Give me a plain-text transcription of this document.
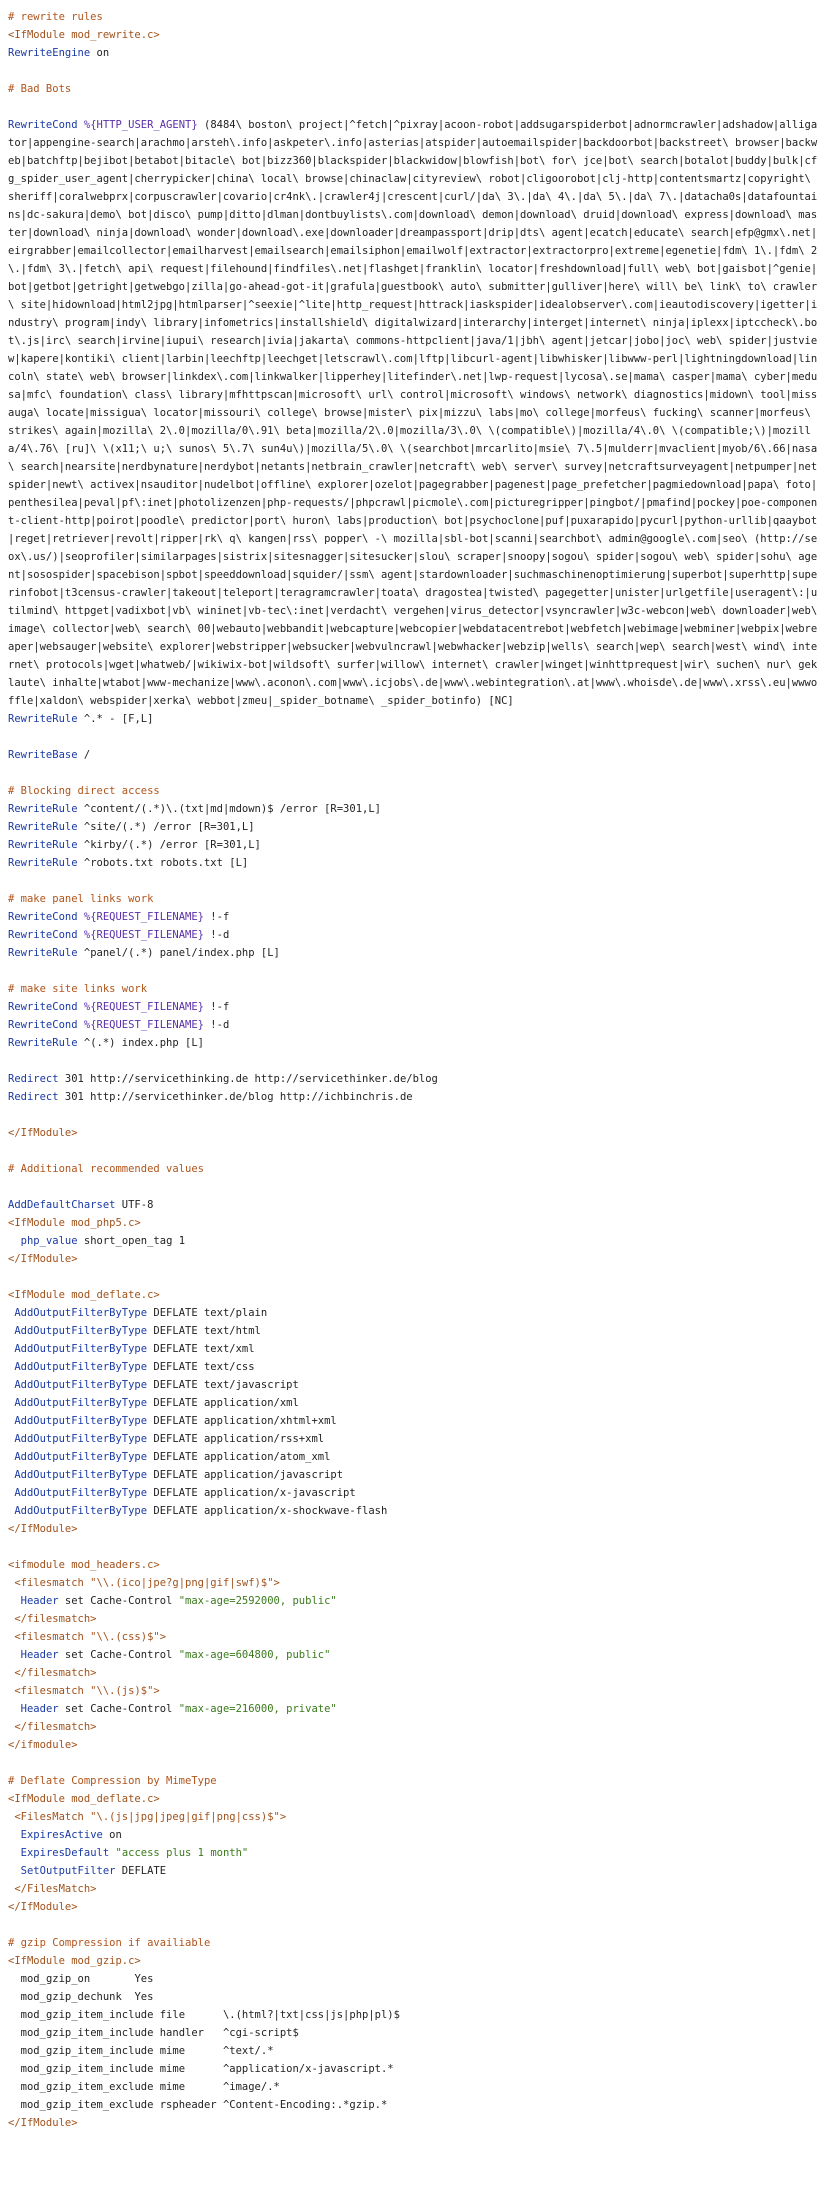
# rewrite rules
<IfModule mod_rewrite.c>
RewriteEngine on
# Bad Bots
RewriteCond %{HTTP_USER_AGENT} (8484\ boston\ project|^fetch|^pixray|acoon-robot|addsugarspiderbot|adnormcrawler|adshadow|alligator|appengine-search|arachmo|arsteh\.info|askpeter\.info|asterias|atspider|autoemailspider|backdoorbot|backstreet\ browser|backweb|batchftp|bejibot|betabot|bitacle\ bot|bizz360|blackspider|blackwidow|blowfish|bot\ for\ jce|bot\ search|botalot|buddy|bulk|cfg_spider_user_agent|cherrypicker|china\ local\ browse|chinaclaw|cityreview\ robot|cligoorobot|clj-http|contentsmartz|copyright\ sheriff|coralwebprx|corpuscrawler|covario|cr4nk\.|crawler4j|crescent|curl/|da\ 3\.|da\ 4\.|da\ 5\.|da\ 7\.|datacha0s|datafountains|dc-sakura|demo\ bot|disco\ pump|ditto|dlman|dontbuylists\.com|download\ demon|download\ druid|download\ express|download\ master|download\ ninja|download\ wonder|download\.exe|downloader|dreampassport|drip|dts\ agent|ecatch|educate\ search|efp@gmx\.net|eirgrabber|emailcollector|emailharvest|emailsearch|emailsiphon|emailwolf|extractor|extractorpro|extreme|egenetie|fdm\ 1\.|fdm\ 2\.|fdm\ 3\.|fetch\ api\ request|filehound|findfiles\.net|flashget|franklin\ locator|freshdownload|full\ web\ bot|gaisbot|^genie|bot|getbot|getright|getwebgo|zilla|go-ahead-got-it|grafula|guestbook\ auto\ submitter|gulliver|here\ will\ be\ link\ to\ crawler\ site|hidownload|html2jpg|htmlparser|^seexie|^lite|http_request|httrack|iaskspider|idealobserver\.com|ieautodiscovery|igetter|industry\ program|indy\ library|infometrics|installshield\ digitalwizard|interarchy|interget|internet\ ninja|iplexx|iptccheck\.bot\.js|irc\ search|irvine|iupui\ research|ivia|jakarta\ commons-httpclient|java/1|jbh\ agent|jetcar|jobo|joc\ web\ spider|justview|kapere|kontiki\ client|larbin|leechftp|leechget|letscrawl\.com|lftp|libcurl-agent|libwhisker|libwww-perl|lightningdownload|lincoln\ state\ web\ browser|linkdex\.com|linkwalker|lipperhey|litefinder\.net|lwp-request|lycosa\.se|mama\ casper|mama\ cyber|medusa|mfc\ foundation\ class\ library|mfhttpscan|microsoft\ url\ control|microsoft\ windows\ network\ diagnostics|midown\ tool|missauga\ locate|missigua\ locator|missouri\ college\ browse|mister\ pix|mizzu\ labs|mo\ college|morfeus\ fucking\ scanner|morfeus\ strikes\ again|mozilla\ 2\.0|mozilla/0\.91\ beta|mozilla/2\.0|mozilla/3\.0\ \(compatible\)|mozilla/4\.0\ \(compatible;\)|mozilla/4\.76\ [ru]\ \(x11;\ u;\ sunos\ 5\.7\ sun4u\)|mozilla/5\.0\ \(searchbot|mrcarlito|msie\ 7\.5|mulderr|mvaclient|myob/6\.66|nasa\ search|nearsite|nerdbynature|nerdybot|netants|netbrain_crawler|netcraft\ web\ server\ survey|netcraftsurveyagent|netpumper|netspider|newt\ activex|nsauditor|nudelbot|offline\ explorer|ozelot|pagegrabber|pagenest|page_prefetcher|pagmiedownload|papa\ foto|penthesilea|peval|pf\:inet|photolizenzen|php-requests/|phpcrawl|picmole\.com|picturegripper|pingbot/|pmafind|pockey|poe-component-client-http|poirot|poodle\ predictor|port\ huron\ labs|production\ bot|psychoclone|puf|puxarapido|pycurl|python-urllib|qaaybot|reget|retriever|revolt|ripper|rk\ q\ kangen|rss\ popper\ -\ mozilla|sbl-bot|scanni|searchbot\ admin@google\.com|seo\ (http://seox\.us/)|seoprofiler|similarpages|sistrix|sitesnagger|sitesucker|slou\ scraper|snoopy|sogou\ spider|sogou\ web\ spider|sohu\ agent|sosospider|spacebison|spbot|speeddownload|squider/|ssm\ agent|stardownloader|suchmaschinenoptimierung|superbot|superhttp|superinfobot|t3census-crawler|takeout|teleport|teragramcrawler|toata\ dragostea|twisted\ pagegetter|unister|urlgetfile|useragent\:|utilmind\ httpget|vadixbot|vb\ wininet|vb-tec\:inet|verdacht\ vergehen|virus_detector|vsyncrawler|w3c-webcon|web\ downloader|web\ image\ collector|web\ search\ 00|webauto|webbandit|webcapture|webcopier|webdatacentrebot|webfetch|webimage|webminer|webpix|webreaper|websauger|website\ explorer|webstripper|websucker|webvulncrawl|webwhacker|webzip|wells\ search|wep\ search|west\ wind\ internet\ protocols|wget|whatweb/|wikiwix-bot|wildsoft\ surfer|willow\ internet\ crawler|winget|winhttprequest|wir\ suchen\ nur\ geklaute\ inhalte|wtabot|www-mechanize|www\.aconon\.com|www\.icjobs\.de|www\.webintegration\.at|www\.whoisde\.de|www\.xrss\.eu|wwwoffle|xaldon\ webspider|xerka\ webbot|zmeu|_spider_botname\ _spider_botinfo) [NC]
RewriteRule ^.* - [F,L]
RewriteBase /
# Blocking direct access
RewriteRule ^content/(.*)\.(txt|md|mdown)$ /error [R=301,L]
RewriteRule ^site/(.*) /error [R=301,L]
RewriteRule ^kirby/(.*) /error [R=301,L]
RewriteRule ^robots.txt robots.txt [L]
# make panel links work
RewriteCond %{REQUEST_FILENAME} !-f
RewriteCond %{REQUEST_FILENAME} !-d
RewriteRule ^panel/(.*) panel/index.php [L]
# make site links work
RewriteCond %{REQUEST_FILENAME} !-f
RewriteCond %{REQUEST_FILENAME} !-d
RewriteRule ^(.*) index.php [L]
Redirect 301 http://servicethinking.de http://servicethinker.de/blog
Redirect 301 http://servicethinker.de/blog http://ichbinchris.de
</IfModule>
# Additional recommended values
AddDefaultCharset UTF-8
<IfModule mod_php5.c>
php_value short_open_tag 1
</IfModule>
<IfModule mod_deflate.c>
AddOutputFilterByType DEFLATE text/plain
AddOutputFilterByType DEFLATE text/html
AddOutputFilterByType DEFLATE text/xml
AddOutputFilterByType DEFLATE text/css
AddOutputFilterByType DEFLATE text/javascript
AddOutputFilterByType DEFLATE application/xml
AddOutputFilterByType DEFLATE application/xhtml+xml
AddOutputFilterByType DEFLATE application/rss+xml
AddOutputFilterByType DEFLATE application/atom_xml
AddOutputFilterByType DEFLATE application/javascript
AddOutputFilterByType DEFLATE application/x-javascript
AddOutputFilterByType DEFLATE application/x-shockwave-flash
</IfModule>
<ifmodule mod_headers.c>
<filesmatch "\\.(ico|jpe?g|png|gif|swf)$">
Header set Cache-Control "max-age=2592000, public"
</filesmatch>
<filesmatch "\\.(css)$">
Header set Cache-Control "max-age=604800, public"
</filesmatch>
<filesmatch "\\.(js)$">
Header set Cache-Control "max-age=216000, private"
</filesmatch>
</ifmodule>
# Deflate Compression by MimeType
<IfModule mod_deflate.c>
<FilesMatch "\.(js|jpg|jpeg|gif|png|css)$">
ExpiresActive on
ExpiresDefault "access plus 1 month"
SetOutputFilter DEFLATE
</FilesMatch>
</IfModule>
# gzip Compression if availiable
<IfModule mod_gzip.c>
mod_gzip_on       Yes
mod_gzip_dechunk  Yes
mod_gzip_item_include file      \.(html?|txt|css|js|php|pl)$
mod_gzip_item_include handler   ^cgi-script$
mod_gzip_item_include mime      ^text/.*
mod_gzip_item_include mime      ^application/x-javascript.*
mod_gzip_item_exclude mime      ^image/.*
mod_gzip_item_exclude rspheader ^Content-Encoding:.*gzip.*
</IfModule>
